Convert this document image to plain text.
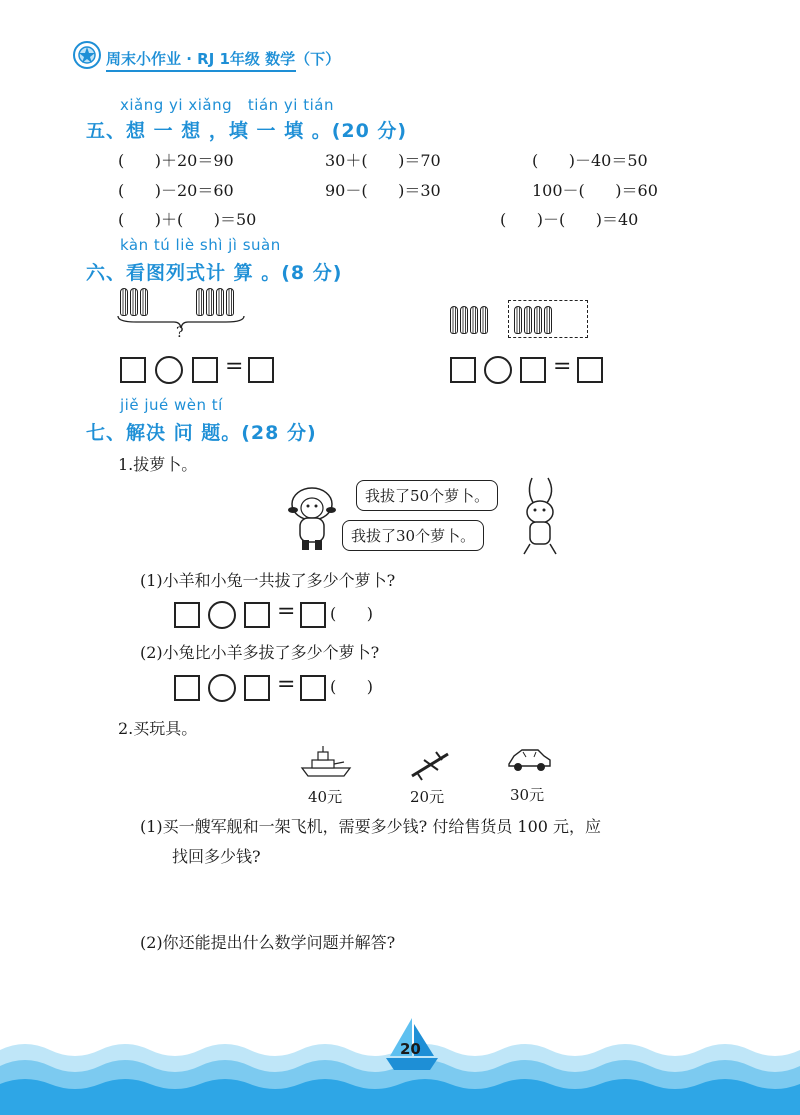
周末小作业 · RJ 1年级 数学（下）
xiǎng yi xiǎng   tián yi tián
五、想 一 想 ，填 一 填 。(20 分)
(      )＋20＝90	30＋(      )＝70	(      )－40＝50
(      )－20＝60	90－(      )＝30	100－(      )＝60
(      )＋(      )＝50	(      )－(      )＝40
kàn tú liè shì jì suàn
六、看图列式计 算 。(8 分)
?
=	=
jiě jué wèn tí
七、解决 问 题。(28 分)
1.拔萝卜。
我拔了50个萝卜。
我拔了30个萝卜。
(1)小羊和小兔一共拔了多少个萝卜?
= (      )
(2)小兔比小羊多拔了多少个萝卜?
= (      )
2.买玩具。
40元	20元	30元
(1)买一艘军舰和一架飞机，需要多少钱? 付给售货员 100 元，应
找回多少钱?
(2)你还能提出什么数学问题并解答?
20
